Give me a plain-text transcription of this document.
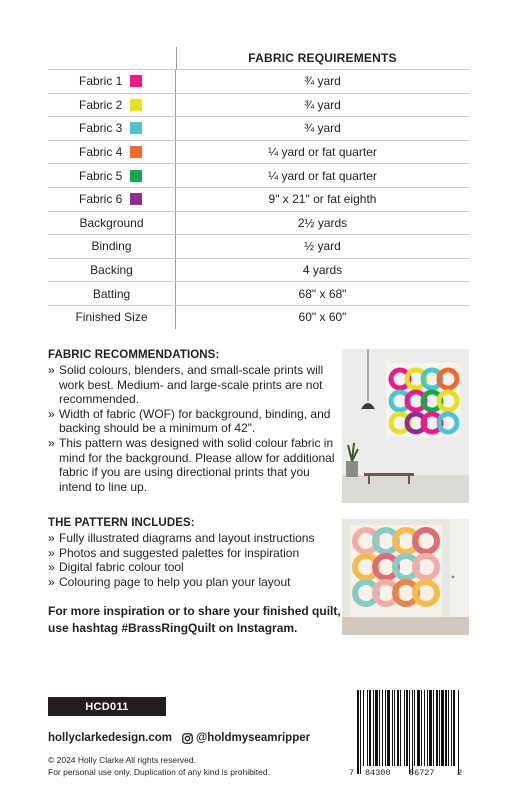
FABRIC REQUIREMENTS
Fabric 1	¾ yard
Fabric 2	¾ yard
Fabric 3	¾ yard
Fabric 4	¼ yard or fat quarter
Fabric 5	¼ yard or fat quarter
Fabric 6	9" x 21" or fat eighth
Background	2½ yards
Binding	½ yard
Backing	4 yards
Batting	68" x 68"
Finished Size	60" x 60"
FABRIC RECOMMENDATIONS:
» Solid colours, blenders, and small-scale prints will work best. Medium- and large-scale prints are not recommended.
» Width of fabric (WOF) for background, binding, and backing should be a minimum of 42".
» This pattern was designed with solid colour fabric in mind for the background. Please allow for additional fabric if you are using directional prints that you intend to line up.
THE PATTERN INCLUDES:
» Fully illustrated diagrams and layout instructions
» Photos and suggested palettes for inspiration
» Digital fabric colour tool
» Colouring page to help you plan your layout
For more inspiration or to share your finished quilt, use hashtag #BrassRingQuilt on Instagram.
HCD011
hollyclarkedesign.com @holdmyseamripper
© 2024 Holly Clarke All rights reserved.
For personal use only. Duplication of any kind is prohibited.	7 84300 86727	2
